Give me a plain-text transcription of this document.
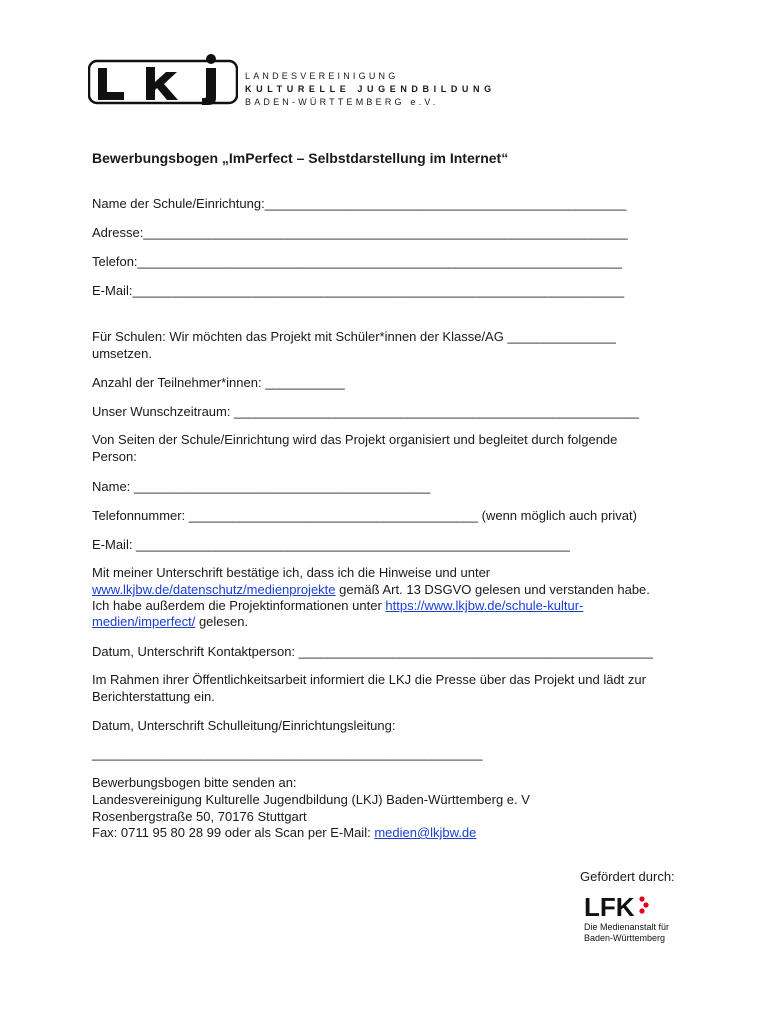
LANDESVEREINIGUNG
KULTURELLE JUGENDBILDUNG
BADEN-WÜRTTEMBERG e.V.
Bewerbungsbogen „ImPerfect – Selbstdarstellung im Internet“
Name der Schule/Einrichtung:__________________________________________________
Adresse:___________________________________________________________________
Telefon:___________________________________________________________________
E-Mail:____________________________________________________________________
Für Schulen: Wir möchten das Projekt mit Schüler*innen der Klasse/AG _______________
umsetzen.
Anzahl der Teilnehmer*innen: ___________
Unser Wunschzeitraum: ________________________________________________________
Von Seiten der Schule/Einrichtung wird das Projekt organisiert und begleitet durch folgende
Person:
Name: _________________________________________
Telefonnummer: ________________________________________ (wenn möglich auch privat)
E-Mail: ____________________________________________________________
Mit meiner Unterschrift bestätige ich, dass ich die Hinweise und unter
www.lkjbw.de/datenschutz/medienprojekte gemäß Art. 13 DSGVO gelesen und verstanden habe.
Ich habe außerdem die Projektinformationen unter https://www.lkjbw.de/schule-kultur-
medien/imperfect/ gelesen.
Datum, Unterschrift Kontaktperson: _________________________________________________
Im Rahmen ihrer Öffentlichkeitsarbeit informiert die LKJ die Presse über das Projekt und lädt zur
Berichterstattung ein.
Datum, Unterschrift Schulleitung/Einrichtungsleitung:
______________________________________________________
Bewerbungsbogen bitte senden an:
Landesvereinigung Kulturelle Jugendbildung (LKJ) Baden-Württemberg e. V
Rosenbergstraße 50, 70176 Stuttgart
Fax: 0711 95 80 28 99 oder als Scan per E-Mail: medien@lkjbw.de
Gefördert durch:
LFK
Die Medienanstalt für
Baden-Württemberg
